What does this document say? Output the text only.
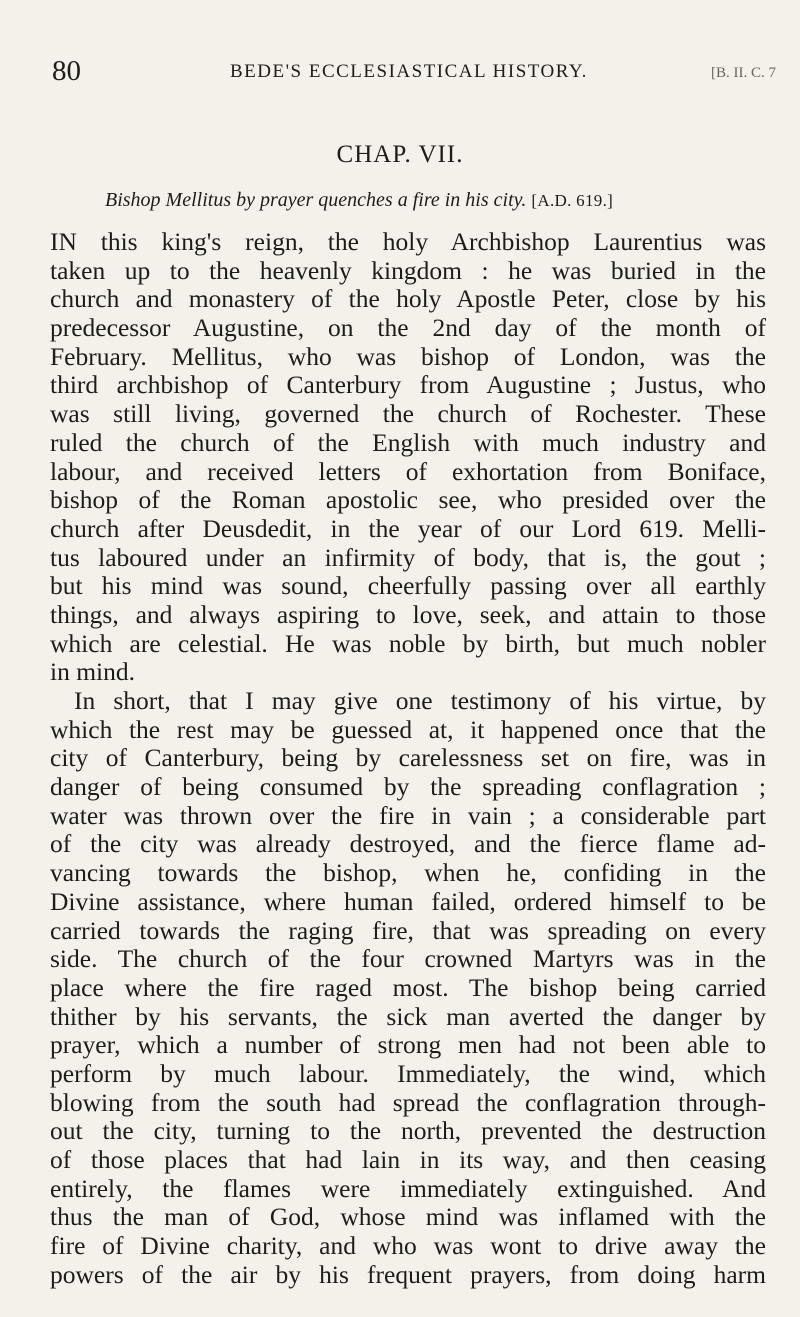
80	BEDE'S ECCLESIASTICAL HISTORY.	[B. II. C. 7
CHAP. VII.
Bishop Mellitus by prayer quenches a fire in his city. [A.D. 619.]
IN this king's reign, the holy Archbishop Laurentius was
taken up to the heavenly kingdom : he was buried in the
church and monastery of the holy Apostle Peter, close by his
predecessor Augustine, on the 2nd day of the month of
February. Mellitus, who was bishop of London, was the
third archbishop of Canterbury from Augustine ; Justus, who
was still living, governed the church of Rochester. These
ruled the church of the English with much industry and
labour, and received letters of exhortation from Boniface,
bishop of the Roman apostolic see, who presided over the
church after Deusdedit, in the year of our Lord 619. Melli-
tus laboured under an infirmity of body, that is, the gout ;
but his mind was sound, cheerfully passing over all earthly
things, and always aspiring to love, seek, and attain to those
which are celestial. He was noble by birth, but much nobler
in mind.
In short, that I may give one testimony of his virtue, by
which the rest may be guessed at, it happened once that the
city of Canterbury, being by carelessness set on fire, was in
danger of being consumed by the spreading conflagration ;
water was thrown over the fire in vain ; a considerable part
of the city was already destroyed, and the fierce flame ad-
vancing towards the bishop, when he, confiding in the
Divine assistance, where human failed, ordered himself to be
carried towards the raging fire, that was spreading on every
side. The church of the four crowned Martyrs was in the
place where the fire raged most. The bishop being carried
thither by his servants, the sick man averted the danger by
prayer, which a number of strong men had not been able to
perform by much labour. Immediately, the wind, which
blowing from the south had spread the conflagration through-
out the city, turning to the north, prevented the destruction
of those places that had lain in its way, and then ceasing
entirely, the flames were immediately extinguished. And
thus the man of God, whose mind was inflamed with the
fire of Divine charity, and who was wont to drive away the
powers of the air by his frequent prayers, from doing harm
